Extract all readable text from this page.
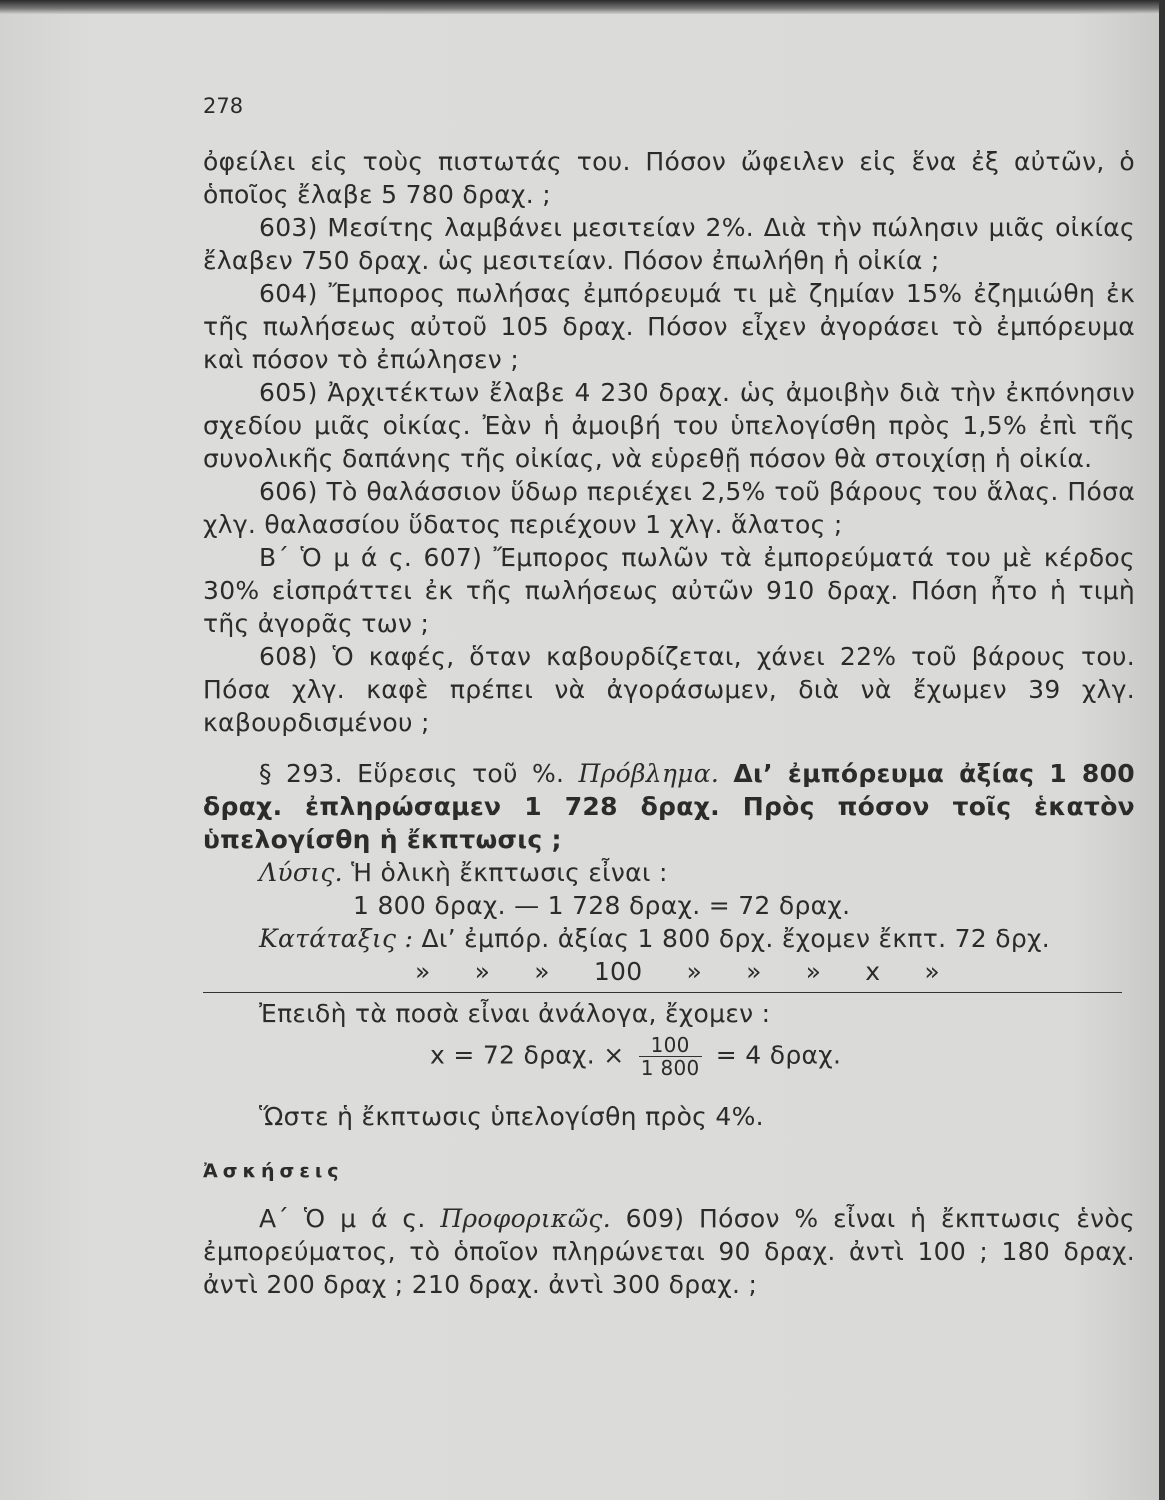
278

ὀφείλει εἰς τοὺς πιστωτάς του. Πόσον ὤφειλεν εἰς ἕνα ἐξ αὐτῶν, ὁ ὁποῖος ἔλαβε 5 780 δραχ. ;

603) Μεσίτης λαμβάνει μεσιτείαν 2%. Διὰ τὴν πώλησιν μιᾶς οἰκίας ἔλαβεν 750 δραχ. ὡς μεσιτείαν. Πόσον ἐπωλήθη ἡ οἰκία ;

604) Ἔμπορος πωλήσας ἐμπόρευμά τι μὲ ζημίαν 15% ἐζημιώθη ἐκ τῆς πωλήσεως αὐτοῦ 105 δραχ. Πόσον εἶχεν ἀγοράσει τὸ ἐμπόρευμα καὶ πόσον τὸ ἐπώλησεν ;

605) Ἀρχιτέκτων ἔλαβε 4 230 δραχ. ὡς ἀμοιβὴν διὰ τὴν ἐκπόνησιν σχεδίου μιᾶς οἰκίας. Ἐὰν ἡ ἀμοιβή του ὑπελογίσθη πρὸς 1,5% ἐπὶ τῆς συνολικῆς δαπάνης τῆς οἰκίας, νὰ εὑρεθῇ πόσον θὰ στοιχίσῃ ἡ οἰκία.

606) Τὸ θαλάσσιον ὕδωρ περιέχει 2,5% τοῦ βάρους του ἅλας. Πόσα χλγ. θαλασσίου ὕδατος περιέχουν 1 χλγ. ἅλατος ;

Β΄ Ὁ μ ά ς. 607) Ἔμπορος πωλῶν τὰ ἐμπορεύματά του μὲ κέρδος 30% εἰσπράττει ἐκ τῆς πωλήσεως αὐτῶν 910 δραχ. Πόση ἦτο ἡ τιμὴ τῆς ἀγορᾶς των ;

608) Ὁ καφές, ὅταν καβουρδίζεται, χάνει 22% τοῦ βάρους του. Πόσα χλγ. καφὲ πρέπει νὰ ἀγοράσωμεν, διὰ νὰ ἔχωμεν 39 χλγ. καβουρδισμένου ;

§ 293. Εὕρεσις τοῦ %. Πρόβλημα. Δι’ ἐμπόρευμα ἀξίας 1 800 δραχ. ἐπληρώσαμεν 1 728 δραχ. Πρὸς πόσον τοῖς ἑκατὸν ὑπελογίσθη ἡ ἔκπτωσις ;

Λύσις. Ἡ ὁλικὴ ἔκπτωσις εἶναι :

1 800 δραχ. — 1 728 δραχ. = 72 δραχ.

Κατάταξις : Δι’ ἐμπόρ. ἀξίας 1 800 δρχ. ἔχομεν ἔκπτ. 72 δρχ.

» » » 100 » » » x »

Ἐπειδὴ τὰ ποσὰ εἶναι ἀνάλογα, ἔχομεν :

x = 72 δραχ. × $\frac{100}{1 800} = 4$ δραχ.

Ὥστε ἡ ἔκπτωσις ὑπελογίσθη πρὸς 4%.

Ἀσκήσεις

Α΄ Ὁ μ ά ς. Προφορικῶς. 609) Πόσον % εἶναι ἡ ἔκπτωσις ἑνὸς ἐμπορεύματος, τὸ ὁποῖον πληρώνεται 90 δραχ. ἀντὶ 100 ; 180 δραχ. ἀντὶ 200 δραχ ; 210 δραχ. ἀντὶ 300 δραχ. ;
